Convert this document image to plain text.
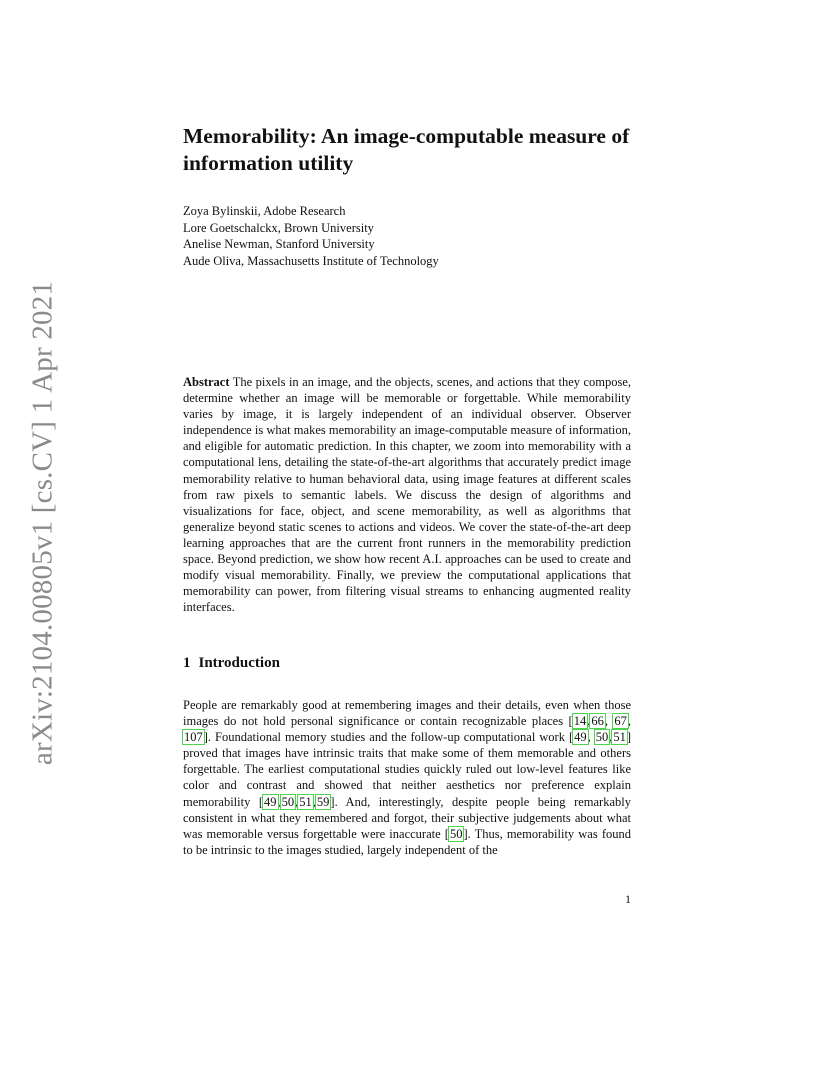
arXiv:2104.00805v1 [cs.CV] 1 Apr 2021
Memorability: An image-computable measure of information utility
Zoya Bylinskii, Adobe Research
Lore Goetschalckx, Brown University
Anelise Newman, Stanford University
Aude Oliva, Massachusetts Institute of Technology

Abstract The pixels in an image, and the objects, scenes, and actions that they compose, determine whether an image will be memorable or forgettable. While memorability varies by image, it is largely independent of an individual observer. Observer independence is what makes memorability an image-computable measure of information, and eligible for automatic prediction. In this chapter, we zoom into memorability with a computational lens, detailing the state-of-the-art algorithms that accurately predict image memorability relative to human behavioral data, using image features at different scales from raw pixels to semantic labels. We discuss the design of algorithms and visualizations for face, object, and scene memorability, as well as algorithms that generalize beyond static scenes to actions and videos. We cover the state-of-the-art deep learning approaches that are the current front runners in the memorability prediction space. Beyond prediction, we show how recent A.I. approaches can be used to create and modify visual memorability. Finally, we preview the computational applications that memorability can power, from filtering visual streams to enhancing augmented reality interfaces.

1 Introduction

People are remarkably good at remembering images and their details, even when those images do not hold personal significance or contain recognizable places [14,66, 67, 107]. Foundational memory studies and the follow-up computational work [49, 50,51] proved that images have intrinsic traits that make some of them memorable and others forgettable. The earliest computational studies quickly ruled out low-level features like color and contrast and showed that neither aesthetics nor preference explain memorability [49,50,51,59]. And, interestingly, despite people being remarkably consistent in what they remembered and forgot, their subjective judgements about what was memorable versus forgettable were inaccurate [50]. Thus, memorability was found to be intrinsic to the images studied, largely independent of the

1
